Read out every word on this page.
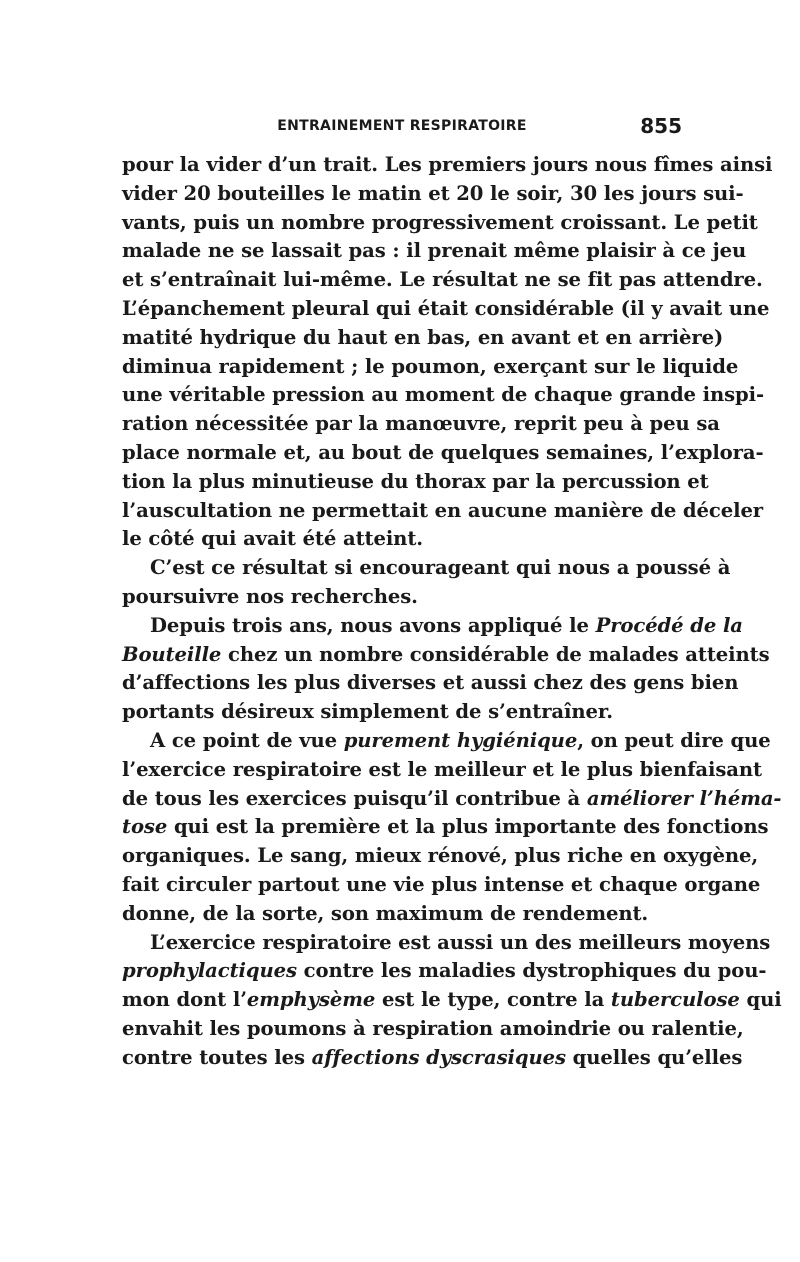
ENTRAINEMENT RESPIRATOIRE	855
pour la vider d’un trait. Les premiers jours nous fîmes ainsi
vider 20 bouteilles le matin et 20 le soir, 30 les jours sui-
vants, puis un nombre progressivement croissant. Le petit
malade ne se lassait pas : il prenait même plaisir à ce jeu
et s’entraînait lui-même. Le résultat ne se fit pas attendre.
L’épanchement pleural qui était considérable (il y avait une
matité hydrique du haut en bas, en avant et en arrière)
diminua rapidement ; le poumon, exerçant sur le liquide
une véritable pression au moment de chaque grande inspi-
ration nécessitée par la manœuvre, reprit peu à peu sa
place normale et, au bout de quelques semaines, l’explora-
tion la plus minutieuse du thorax par la percussion et
l’auscultation ne permettait en aucune manière de déceler
le côté qui avait été atteint.
C’est ce résultat si encourageant qui nous a poussé à
poursuivre nos recherches.
Depuis trois ans, nous avons appliqué le Procédé de la
Bouteille chez un nombre considérable de malades atteints
d’affections les plus diverses et aussi chez des gens bien
portants désireux simplement de s’entraîner.
A ce point de vue purement hygiénique, on peut dire que
l’exercice respiratoire est le meilleur et le plus bienfaisant
de tous les exercices puisqu’il contribue à améliorer l’héma-
tose qui est la première et la plus importante des fonctions
organiques. Le sang, mieux rénové, plus riche en oxygène,
fait circuler partout une vie plus intense et chaque organe
donne, de la sorte, son maximum de rendement.
L’exercice respiratoire est aussi un des meilleurs moyens
prophylactiques contre les maladies dystrophiques du pou-
mon dont l’emphysème est le type, contre la tuberculose qui
envahit les poumons à respiration amoindrie ou ralentie,
contre toutes les affections dyscrasiques quelles qu’elles
